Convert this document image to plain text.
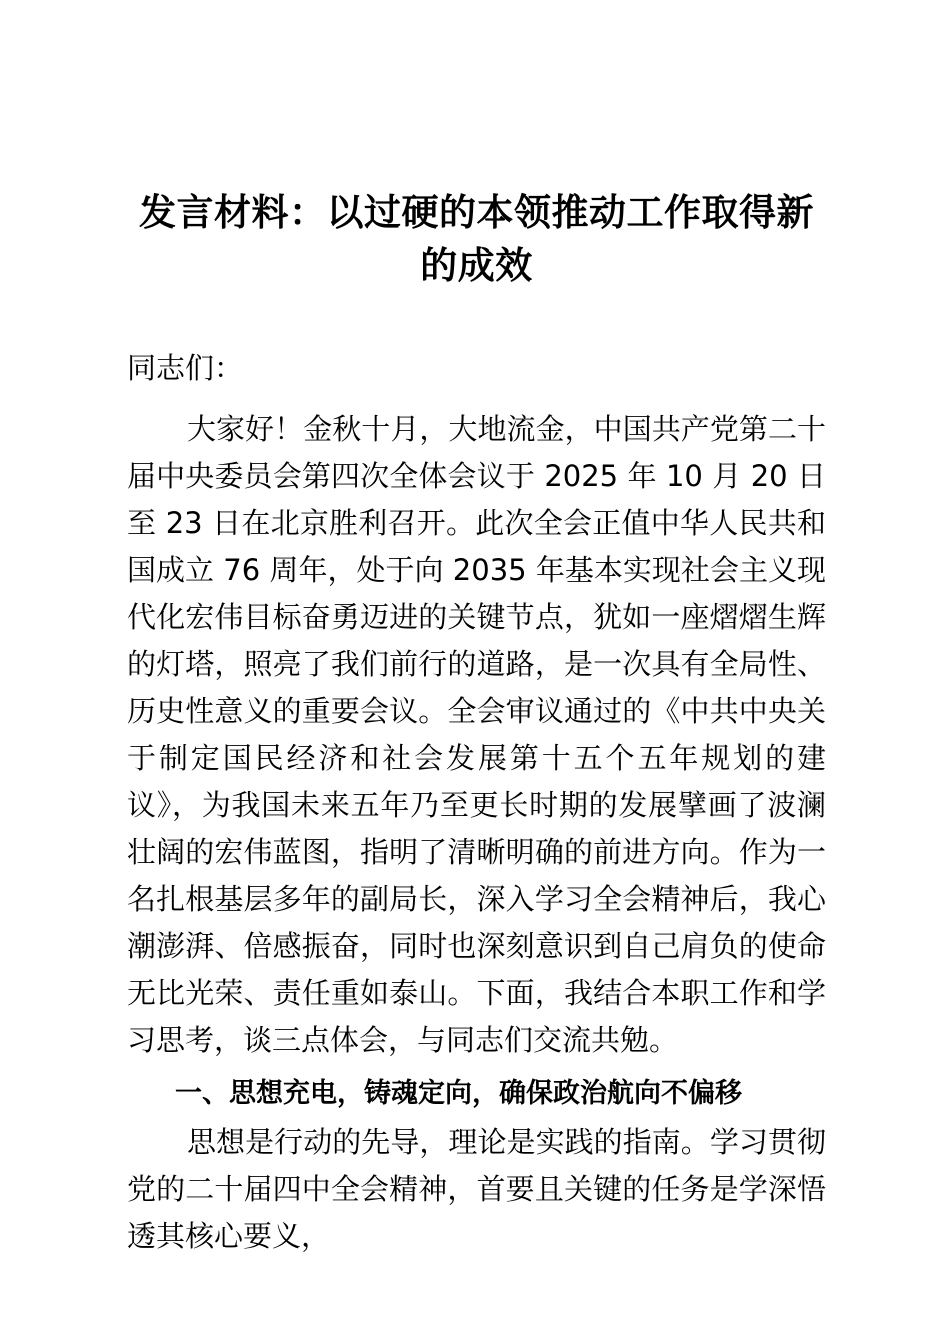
发言材料：以过硬的本领推动工作取得新的成效

同志们：

大家好！金秋十月，大地流金，中国共产党第二十届中央委员会第四次全体会议于 2025 年 10 月 20 日至 23 日在北京胜利召开。此次全会正值中华人民共和国成立 76 周年，处于向 2035 年基本实现社会主义现代化宏伟目标奋勇迈进的关键节点，犹如一座熠熠生辉的灯塔，照亮了我们前行的道路，是一次具有全局性、历史性意义的重要会议。全会审议通过的《中共中央关于制定国民经济和社会发展第十五个五年规划的建议》，为我国未来五年乃至更长时期的发展擘画了波澜壮阔的宏伟蓝图，指明了清晰明确的前进方向。作为一名扎根基层多年的副局长，深入学习全会精神后，我心潮澎湃、倍感振奋，同时也深刻意识到自己肩负的使命无比光荣、责任重如泰山。下面，我结合本职工作和学习思考，谈三点体会，与同志们交流共勉。

一、思想充电，铸魂定向，确保政治航向不偏移

思想是行动的先导，理论是实践的指南。学习贯彻党的二十届四中全会精神，首要且关键的任务是学深悟透其核心要义，
